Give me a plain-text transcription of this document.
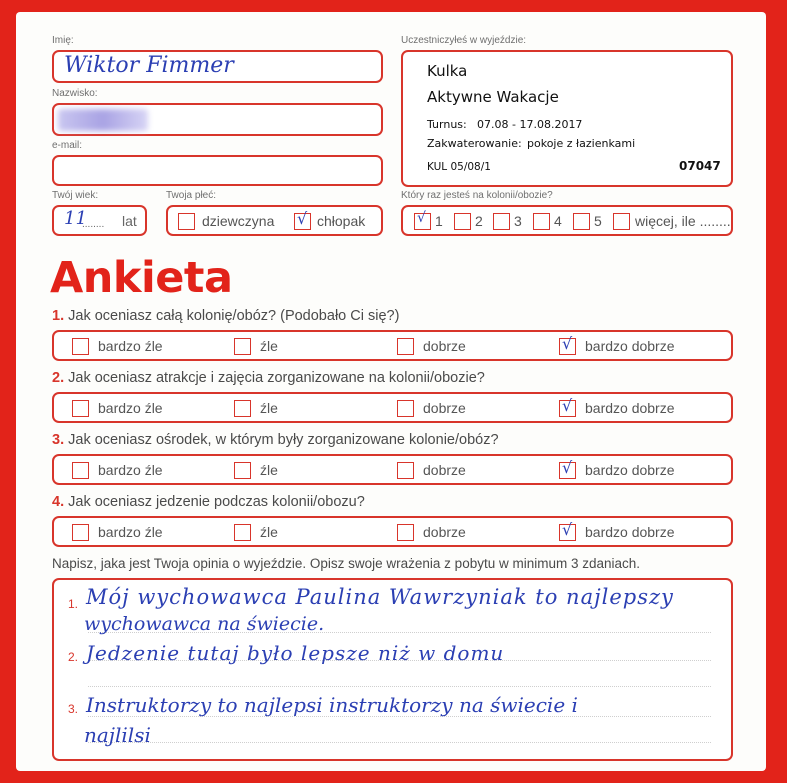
Imię:
Wiktor Fimmer
Nazwisko:
e-mail:
Twój wiek:
11
........ lat
Twoja płeć:
dziewczyna √ chłopak
Uczestniczyłeś w wyjeździe:
Kulka
Aktywne Wakacje
Turnus: 07.08 - 17.08.2017
Zakwaterowanie: pokoje z łazienkami
KUL 05/08/1	07047
Który raz jesteś na kolonii/obozie?
√ 1 2 3 4 5 więcej, ile ........
Ankieta
1. Jak oceniasz całą kolonię/obóz? (Podobało Ci się?)
bardzo źle	źle	dobrze	√ bardzo dobrze
2. Jak oceniasz atrakcje i zajęcia zorganizowane na kolonii/obozie?
bardzo źle	źle	dobrze	√ bardzo dobrze
3. Jak oceniasz ośrodek, w którym były zorganizowane kolonie/obóz?
bardzo źle	źle	dobrze	√ bardzo dobrze
4. Jak oceniasz jedzenie podczas kolonii/obozu?
bardzo źle	źle	dobrze	√ bardzo dobrze
Napisz, jaka jest Twoja opinia o wyjeździe. Opisz swoje wrażenia z pobytu w minimum 3 zdaniach.
1.
2.
3.
Mój wychowawca Paulina Wawrzyniak to najlepszy
wychowawca na świecie.
Jedzenie tutaj było lepsze niż w domu
Instruktorzy to najlepsi instruktorzy na świecie i
najlilsi
